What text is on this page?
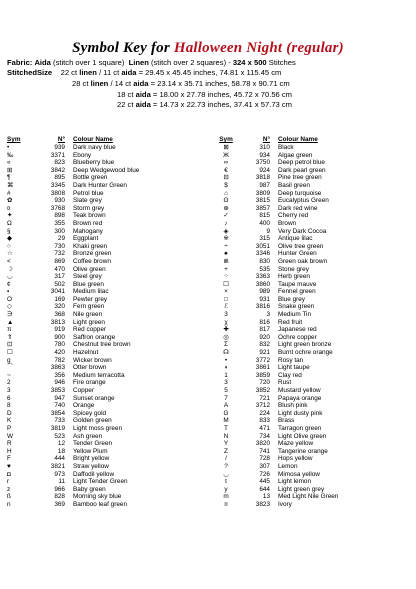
Symbol Key for Halloween Night (regular)
Fabric: Aida (stitch over 1 square) Linen (stitch over 2 squares) - 324 x 500 Stitches
StitchedSize 22 ct linen / 11 ct aida = 29.45 x 45.45 inches, 74.81 x 115.45 cm
28 ct linen / 14 ct aida = 23.14 x 35.71 inches, 58.78 x 90.71 cm
18 ct aida = 18.00 x 27.78 inches, 45.72 x 70.56 cm
22 ct aida = 14.73 x 22.73 inches, 37.41 x 57.73 cm
Sym	N°	Colour Name
•	939	Dark navy blue
‰	3371	Ebony
«	823	Blueberry blue
⊞	3842	Deep Wedgewood blue
¶	895	Bottle green
⌘	3345	Dark Hunter Green
#	3808	Petrol blue
✿	930	Slate grey
¤	3768	Storm grey
✦	898	Teak brown
Ω	355	Brown red
§	300	Mahogany
◆	29	Eggplant
○	730	Khaki green
☆	732	Bronze green
<	869	Coffee brown
☽	470	Olive green
◡	317	Steel grey
¢	502	Blue green
▪	3041	Medium lilac
O	169	Pewter grey
◇	320	Fern green
∋	368	Nile green
▲	3813	Light green
π	919	Red copper
⇑	900	Saffron orange
⊡	780	Chestnut tree brown
☐	420	Hazelnut
g	782	Wicker brown
⌒	3863	Otter brown
~	356	Medium terracotta
2	946	Fire orange
3	3853	Copper
6	947	Sunset orange
8	740	Orange
D	3854	Spicey gold
K	733	Golden green
P	3819	Light moss green
W	523	Ash green
R	12	Tender Green
H	18	Yellow Plum
F	444	Bright yellow
♥	3821	Straw yellow
◘	973	Daffodil yellow
r	11	Light Tender Green
z	966	Baby green
ß	828	Morning sky blue
n	369	Bamboo leaf green
Sym	N°	Colour Name
⊠	310	Black
Ж	934	Algae green
∞	3750	Deep petrol blue
€	924	Dark pearl green
⊟	3818	Pine tree green
$	987	Basil green
⌂	3809	Deep turquoise
ʘ	3815	Eucalyptus Green
⊕	3857	Dark red wine
✓	815	Cherry red
♪	400	Brown
◈	9	Very Dark Cocoa
※	315	Antique lilac
÷	3051	Olive tree green
♠	3346	Hunter Green
⋒	830	Green oak brown
+	535	Stone grey
⁘	3363	Herb green
☐	3860	Taupe mauve
×	989	Fennel green
□	931	Blue grey
ℰ	3816	Snake green
3	3	Medium Tin
χ	816	Red fruit
✚	817	Japanese red
◎	920	Ochre copper
Σ	832	Light green bronze
☊	921	Burnt ochre orange
•	3772	Rosy tan
◖	3861	Light taupe
1	3859	Clay red
3	720	Rust
5	3852	Mustard yellow
7	721	Papaya orange
A	3712	Blush pink
G	224	Light dusty pink
M	833	Brass
T	471	Tarragon green
N	734	Light Olive green
Y	3820	Maze yellow
Z	741	Tangerine orange
/	728	Hops yellow
?	307	Lemon
◡	726	Mimosa yellow
t	445	Light lemon
y	644	Light green grey
m	13	Med Light Nile Green
¤	3823	Ivory
